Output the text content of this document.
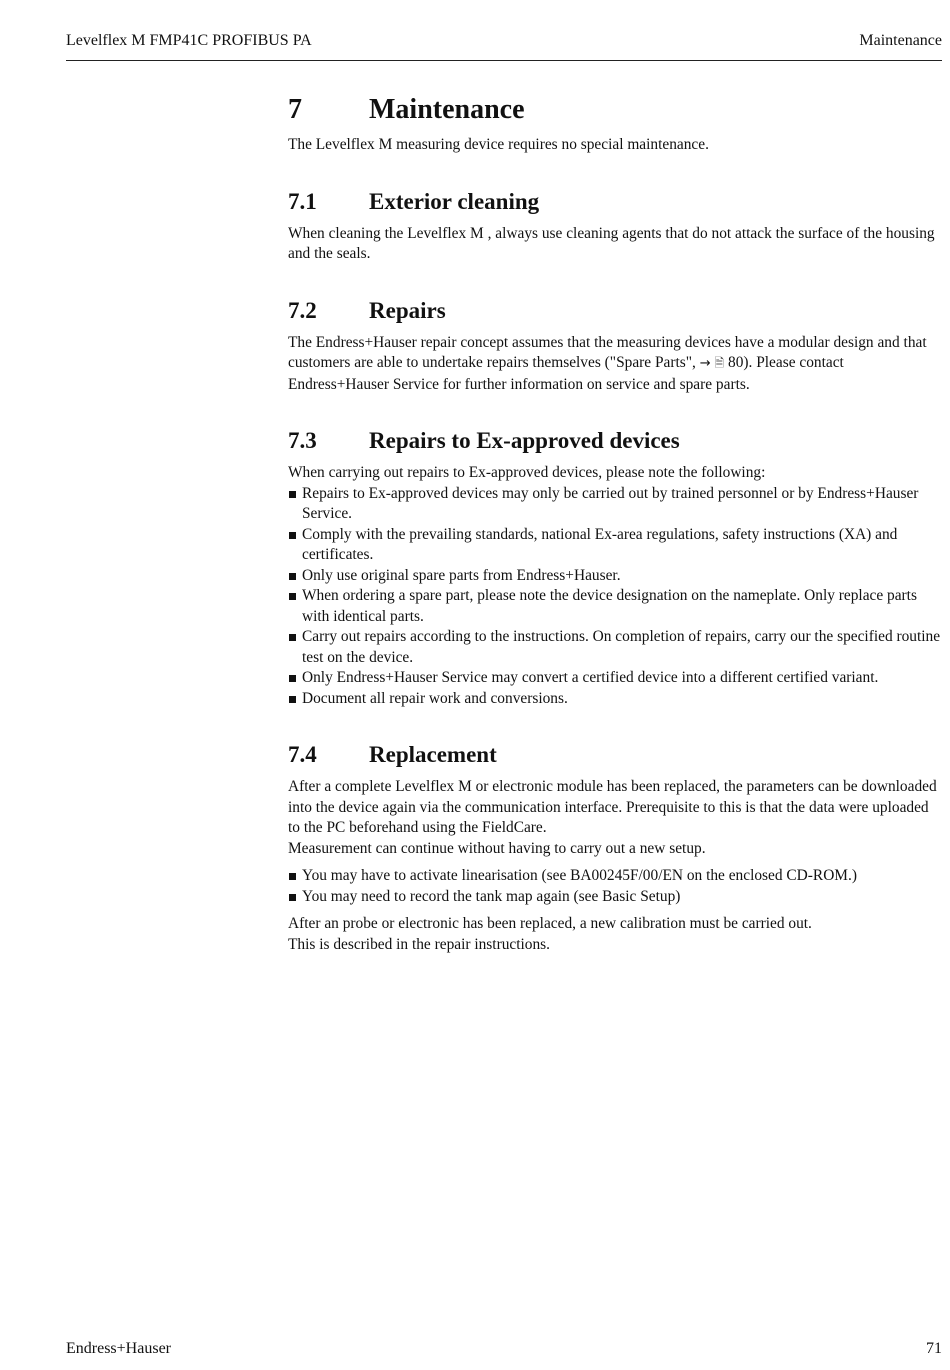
Levelflex M FMP41C PROFIBUS PA	Maintenance
7	Maintenance

The Levelflex M measuring device requires no special maintenance.

7.1	Exterior cleaning

When cleaning the Levelflex M , always use cleaning agents that do not attack the surface of the housing and the seals.

7.2	Repairs

The Endress+Hauser repair concept assumes that the measuring devices have a modular design and that customers are able to undertake repairs themselves ("Spare Parts", → 🗎 80). Please contact Endress+Hauser Service for further information on service and spare parts.

7.3	Repairs to Ex-approved devices

When carrying out repairs to Ex-approved devices, please note the following:

Repairs to Ex-approved devices may only be carried out by trained personnel or by Endress+Hauser Service.
Comply with the prevailing standards, national Ex-area regulations, safety instructions (XA) and certificates.
Only use original spare parts from Endress+Hauser.
When ordering a spare part, please note the device designation on the nameplate. Only replace parts with identical parts.
Carry out repairs according to the instructions. On completion of repairs, carry our the specified routine test on the device.
Only Endress+Hauser Service may convert a certified device into a different certified variant.
Document all repair work and conversions.
7.4	Replacement

After a complete Levelflex M or electronic module has been replaced, the parameters can be downloaded into the device again via the communication interface. Prerequisite to this is that the data were uploaded to the PC beforehand using the FieldCare.

Measurement can continue without having to carry out a new setup.

You may have to activate linearisation (see BA00245F/00/EN on the enclosed CD-ROM.)
You may need to record the tank map again (see Basic Setup)

After an probe or electronic has been replaced, a new calibration must be carried out.

This is described in the repair instructions.

Endress+Hauser	71
